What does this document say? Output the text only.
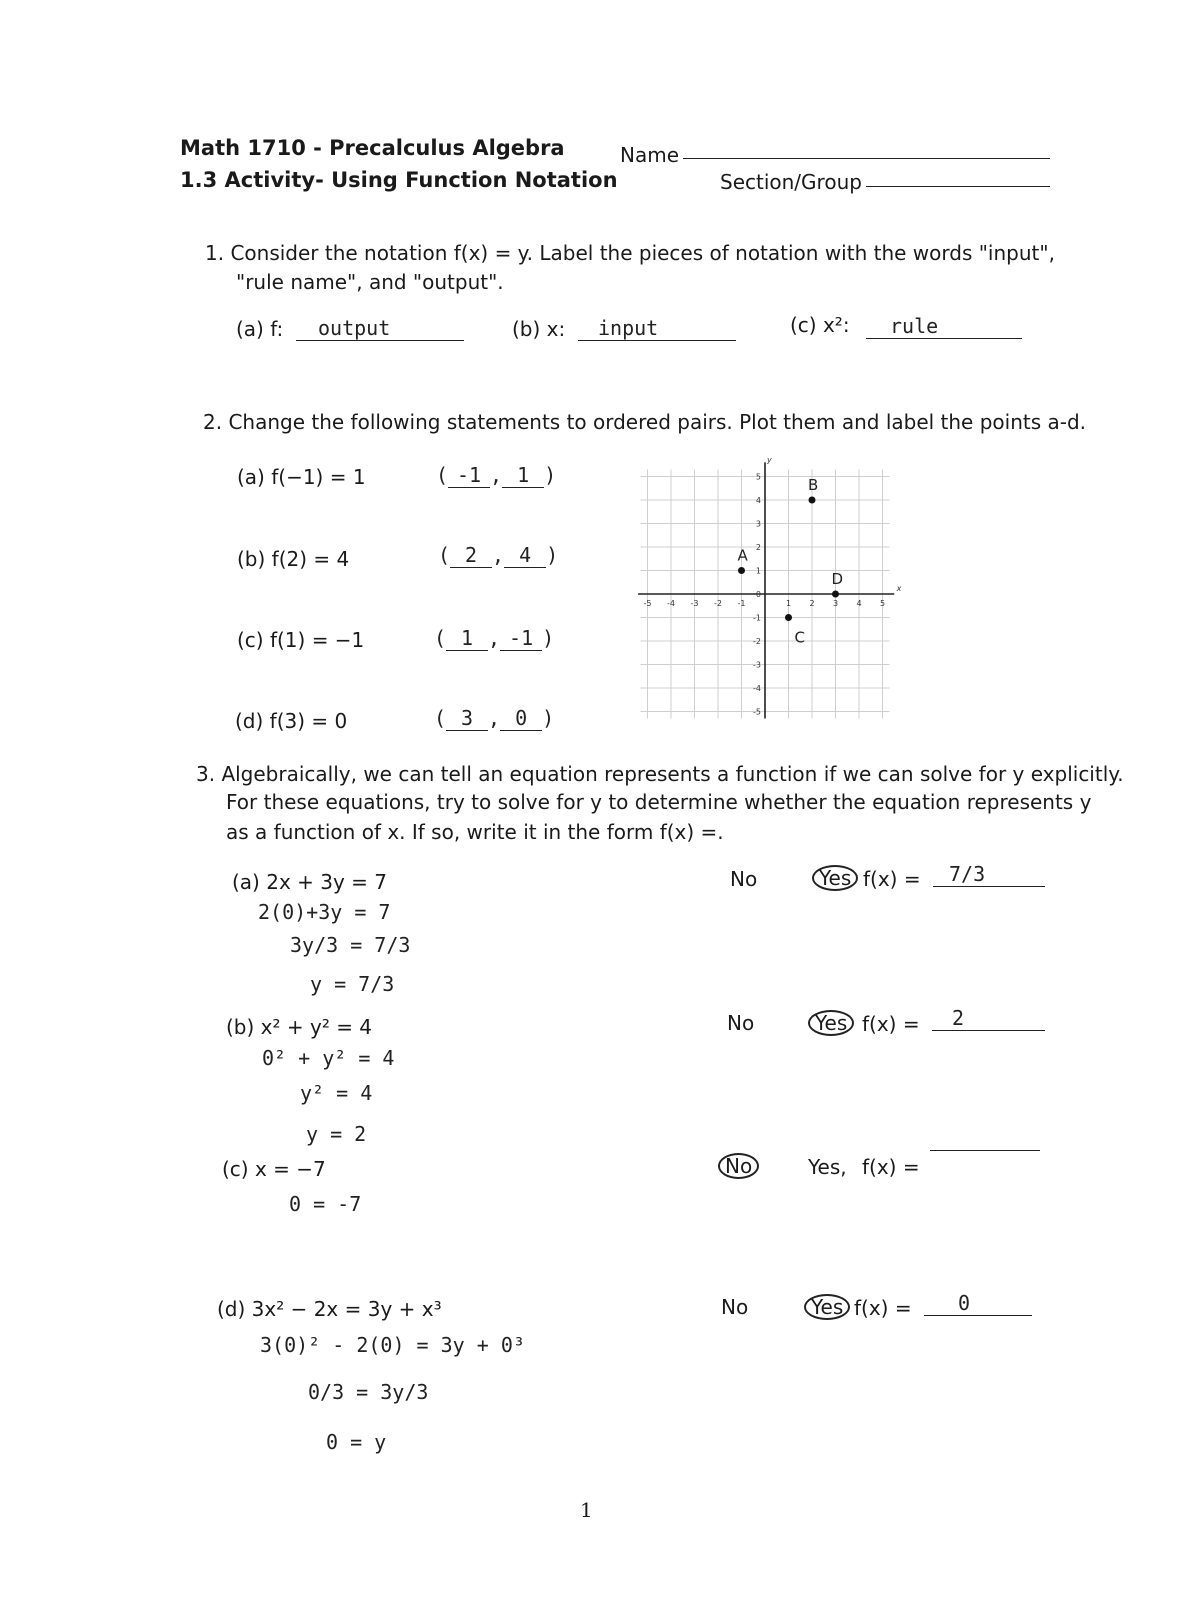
Math 1710 - Precalculus Algebra
1.3 Activity- Using Function Notation
Name
Section/Group
1. Consider the notation f(x) = y. Label the pieces of notation with the words "input",
"rule name", and "output".
(a) f:	output	(b) x:	input	(c) x²:	rule
2. Change the following statements to ordered pairs. Plot them and label the points a-d.
(a) f(−1) = 1	( -1 , 1 )
(b) f(2) = 4	( 2 , 4 )
(c) f(1) = −1	( 1 , -1 )
(d) f(3) = 0	( 3 , 0 )
-5 -4 -3 -2 -1	1 2 3 4 5
5
4
3
2
1
0
-1
-2
-3
-4
-5
x
y
A
B
C
D
3. Algebraically, we can tell an equation represents a function if we can solve for y explicitly.
For these equations, try to solve for y to determine whether the equation represents y
as a function of x. If so, write it in the form f(x) =.
(a) 2x + 3y = 7
2(0)+3y = 7
3y/3 = 7/3
y = 7/3
No	Yes f(x) =	7/3
(b) x² + y² = 4
0² + y² = 4
y² = 4
y = 2
No	Yes f(x) =	2
(c) x = −7
0 = -7
No	Yes, f(x) =
(d) 3x² − 2x = 3y + x³
3(0)² - 2(0) = 3y + 0³
0/3 = 3y/3
0 = y
No	Yes f(x) =	0
1
